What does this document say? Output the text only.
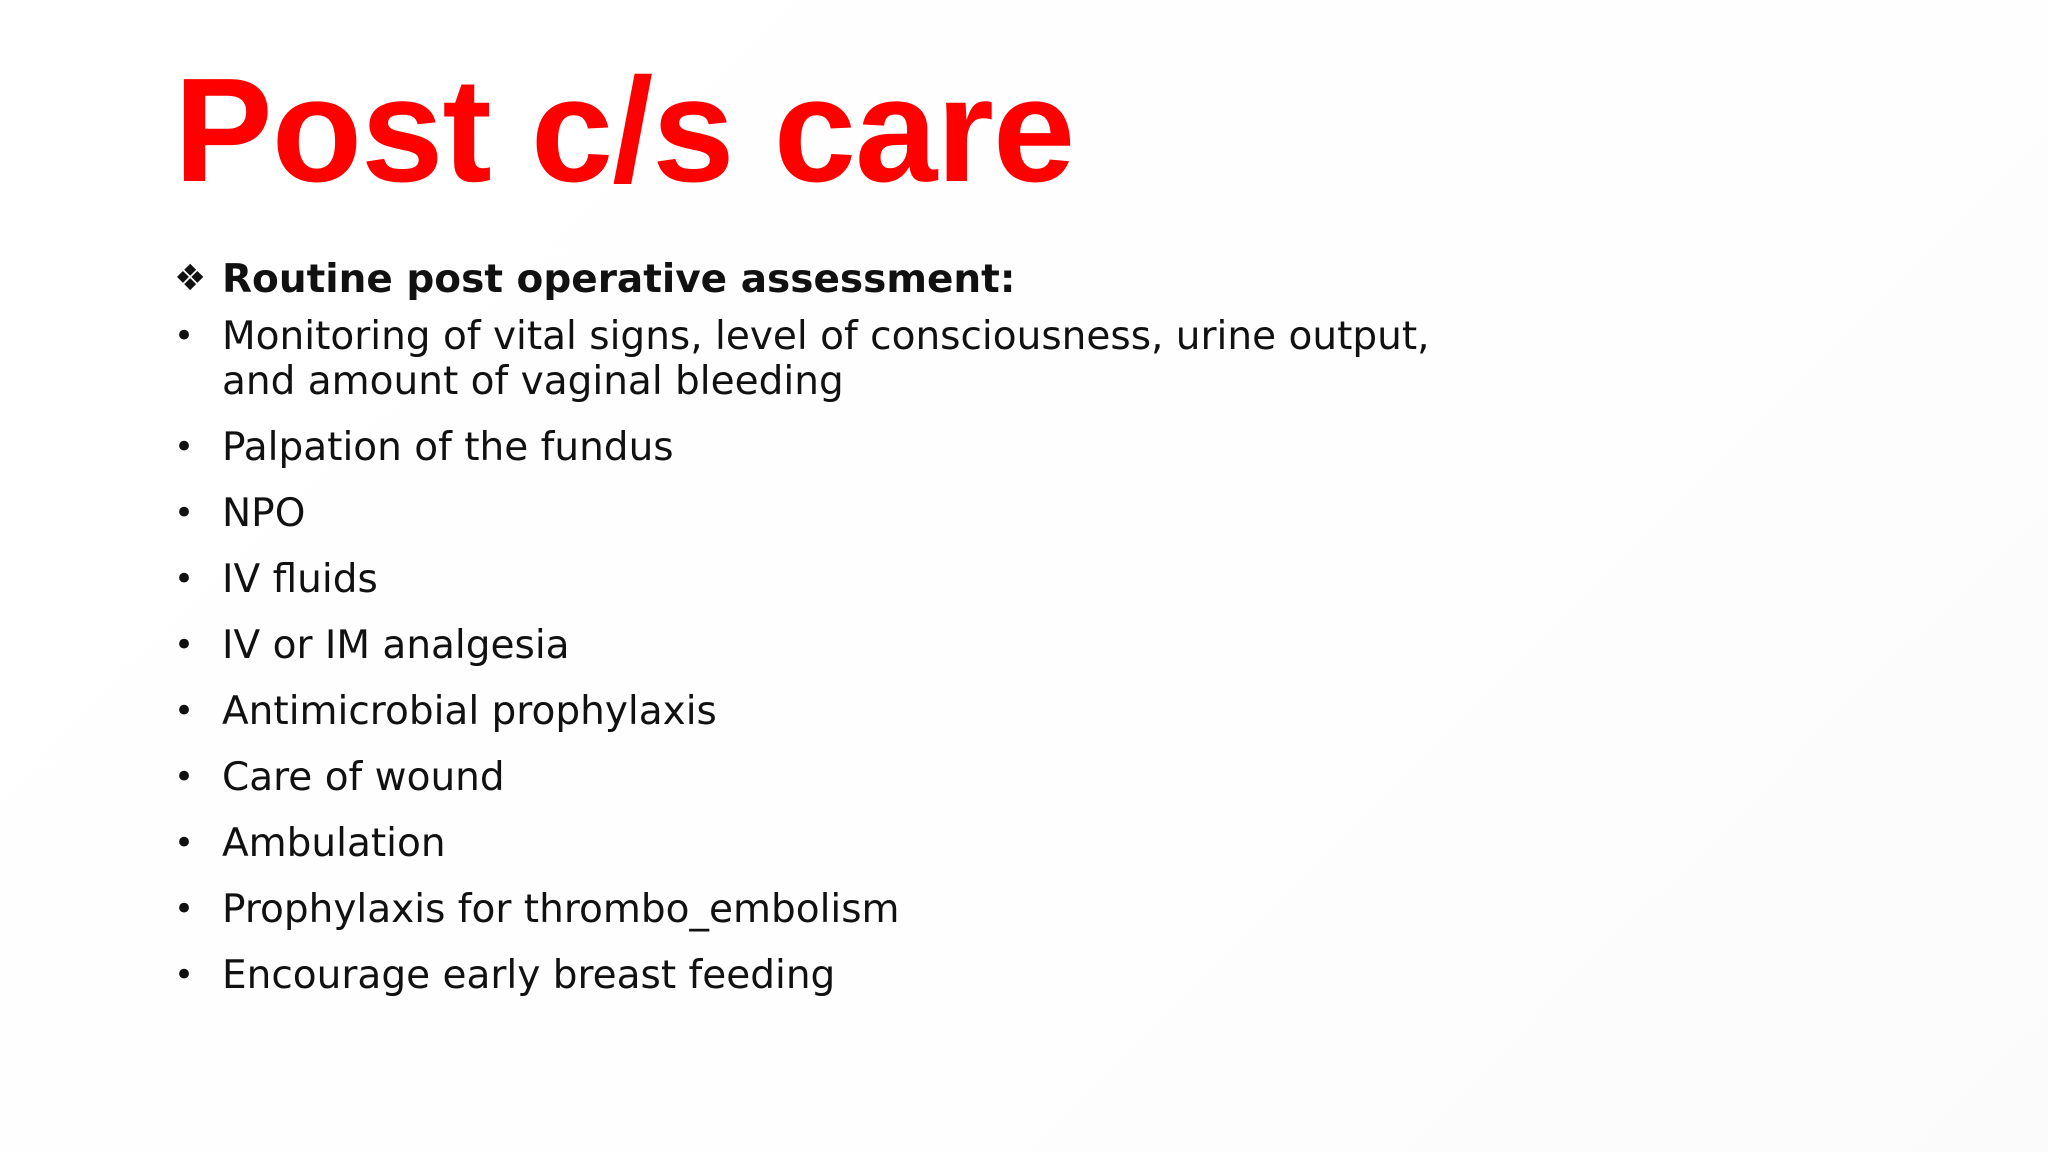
Post c/s care
❖ Routine post operative assessment:
• Monitoring of vital signs, level of consciousness, urine output,
and amount of vaginal bleeding
• Palpation of the fundus
• NPO
• IV fluids
• IV or IM analgesia
• Antimicrobial prophylaxis
• Care of wound
• Ambulation
• Prophylaxis for thrombo_embolism
• Encourage early breast feeding
